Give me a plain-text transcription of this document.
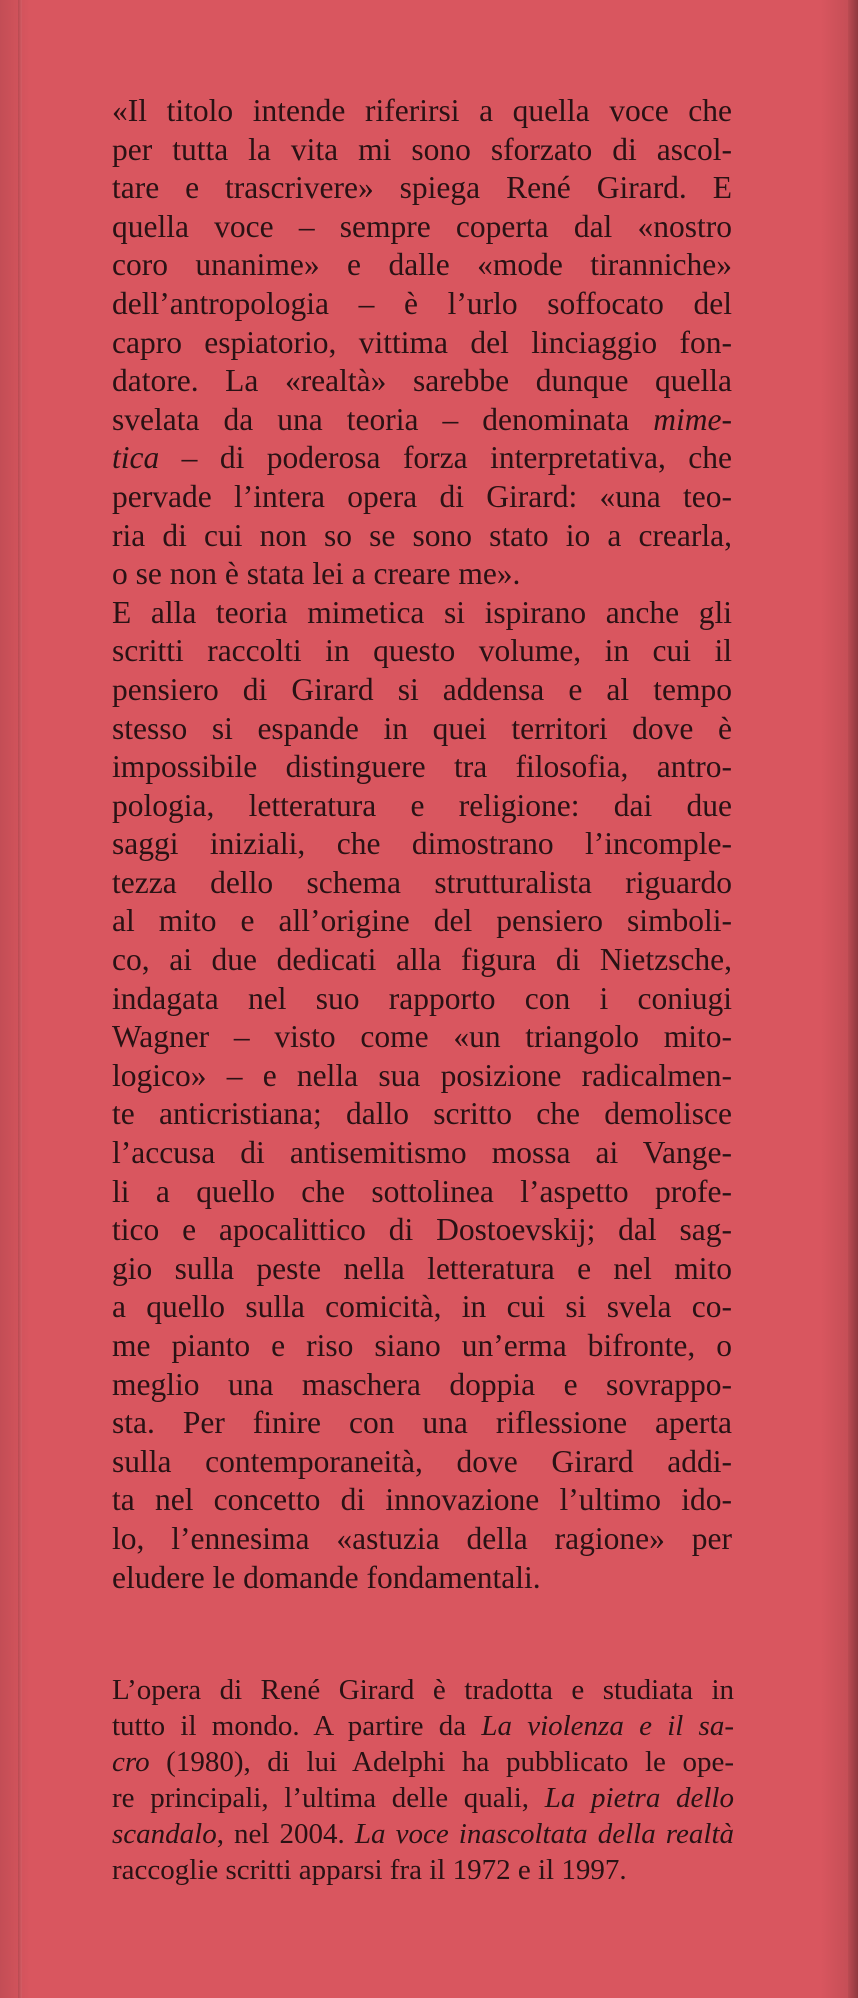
«Il titolo intende riferirsi a quella voce che
per tutta la vita mi sono sforzato di ascol-
tare e trascrivere» spiega René Girard. E
quella voce – sempre coperta dal «nostro
coro unanime» e dalle «mode tiranniche»
dell’antropologia – è l’urlo soffocato del
capro espiatorio, vittima del linciaggio fon-
datore. La «realtà» sarebbe dunque quella
svelata da una teoria – denominata mime-
tica – di poderosa forza interpretativa, che
pervade l’intera opera di Girard: «una teo-
ria di cui non so se sono stato io a crearla,
o se non è stata lei a creare me».
E alla teoria mimetica si ispirano anche gli
scritti raccolti in questo volume, in cui il
pensiero di Girard si addensa e al tempo
stesso si espande in quei territori dove è
impossibile distinguere tra filosofia, antro-
pologia, letteratura e religione: dai due
saggi iniziali, che dimostrano l’incomple-
tezza dello schema strutturalista riguardo
al mito e all’origine del pensiero simboli-
co, ai due dedicati alla figura di Nietzsche,
indagata nel suo rapporto con i coniugi
Wagner – visto come «un triangolo mito-
logico» – e nella sua posizione radicalmen-
te anticristiana; dallo scritto che demolisce
l’accusa di antisemitismo mossa ai Vange-
li a quello che sottolinea l’aspetto profe-
tico e apocalittico di Dostoevskij; dal sag-
gio sulla peste nella letteratura e nel mito
a quello sulla comicità, in cui si svela co-
me pianto e riso siano un’erma bifronte, o
meglio una maschera doppia e sovrappo-
sta. Per finire con una riflessione aperta
sulla contemporaneità, dove Girard addi-
ta nel concetto di innovazione l’ultimo ido-
lo, l’ennesima «astuzia della ragione» per
eludere le domande fondamentali.
L’opera di René Girard è tradotta e studiata in
tutto il mondo. A partire da La violenza e il sa-
cro (1980), di lui Adelphi ha pubblicato le ope-
re principali, l’ultima delle quali, La pietra dello
scandalo, nel 2004. La voce inascoltata della realtà
raccoglie scritti apparsi fra il 1972 e il 1997.
